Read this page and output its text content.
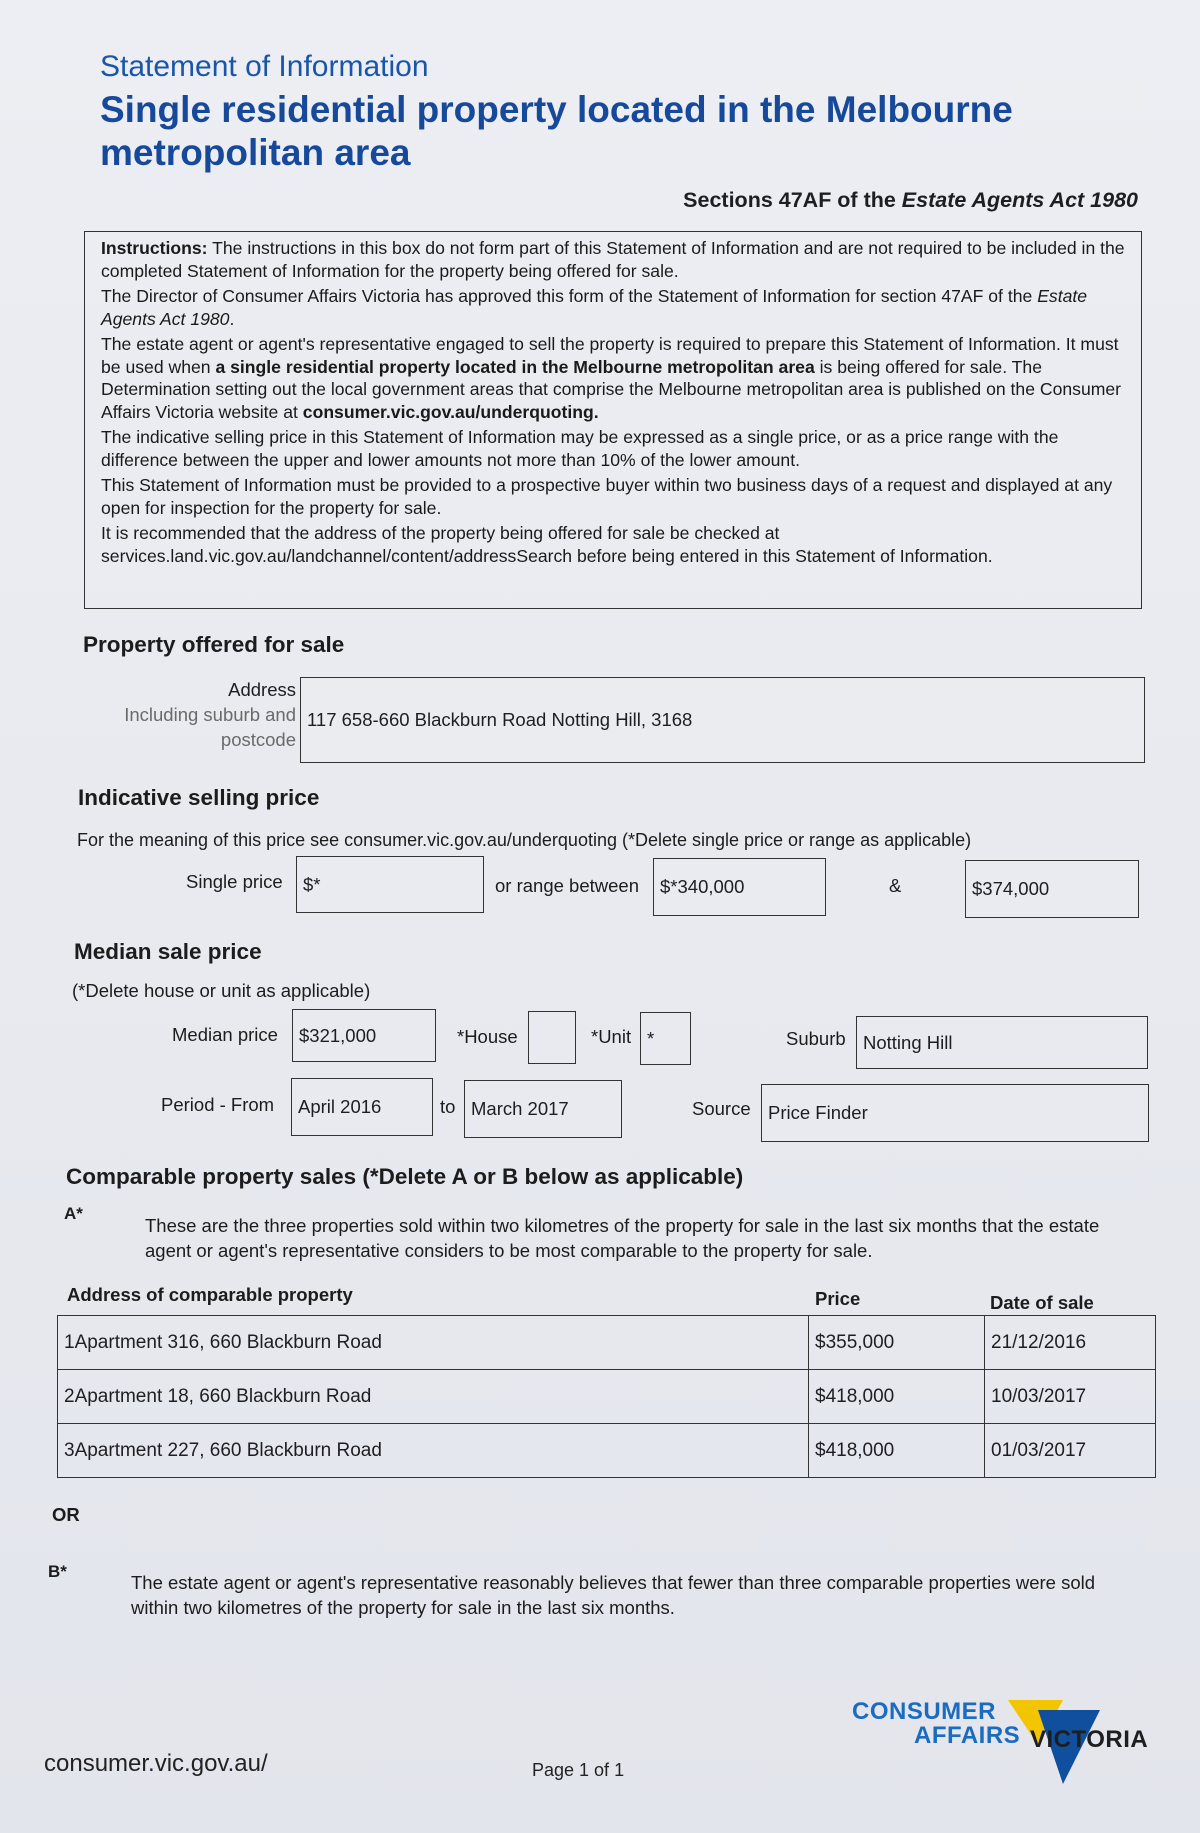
Statement of Information
Single residential property located in the Melbourne metropolitan area
Sections 47AF of the Estate Agents Act 1980

Instructions: The instructions in this box do not form part of this Statement of Information and are not required to be included in the completed Statement of Information for the property being offered for sale.

The Director of Consumer Affairs Victoria has approved this form of the Statement of Information for section 47AF of the Estate Agents Act 1980.

The estate agent or agent's representative engaged to sell the property is required to prepare this Statement of Information. It must be used when a single residential property located in the Melbourne metropolitan area is being offered for sale. The Determination setting out the local government areas that comprise the Melbourne metropolitan area is published on the Consumer Affairs Victoria website at consumer.vic.gov.au/underquoting.

The indicative selling price in this Statement of Information may be expressed as a single price, or as a price range with the difference between the upper and lower amounts not more than 10% of the lower amount.

This Statement of Information must be provided to a prospective buyer within two business days of a request and displayed at any open for inspection for the property for sale.

It is recommended that the address of the property being offered for sale be checked at services.land.vic.gov.au/landchannel/content/addressSearch before being entered in this Statement of Information.

Property offered for sale
Address
Including suburb and
postcode
117 658-660 Blackburn Road Notting Hill, 3168
Indicative selling price
For the meaning of this price see consumer.vic.gov.au/underquoting (*Delete single price or range as applicable)
Single price	$*	or range between	$*340,000	&	$374,000
Median sale price
(*Delete house or unit as applicable)
Median price	$321,000	*House	*Unit *	Suburb Notting Hill
Period - From	April 2016	to March 2017	Source Price Finder
Comparable property sales (*Delete A or B below as applicable)
A*
These are the three properties sold within two kilometres of the property for sale in the last six months that the estate agent or agent's representative considers to be most comparable to the property for sale.
Address of comparable property	Price	Date of sale
1Apartment 316, 660 Blackburn Road	$355,000	21/12/2016
2Apartment 18, 660 Blackburn Road	$418,000	10/03/2017
3Apartment 227, 660 Blackburn Road	$418,000	01/03/2017
OR
B*
The estate agent or agent's representative reasonably believes that fewer than three comparable properties were sold within two kilometres of the property for sale in the last six months.
consumer.vic.gov.au/	Page 1 of 1
CONSUMER
AFFAIRS VICTORIA
